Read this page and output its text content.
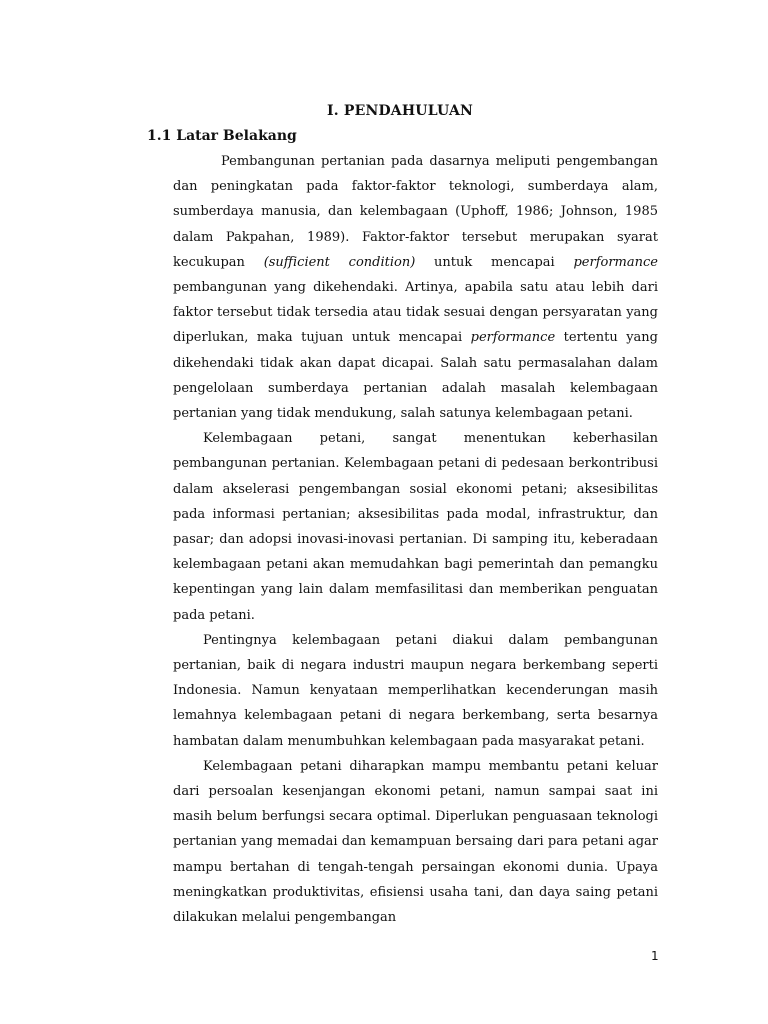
I. PENDAHULUAN
1.1 Latar Belakang

Pembangunan pertanian pada dasarnya meliputi pengembangan dan peningkatan pada faktor-faktor teknologi, sumberdaya alam, sumberdaya manusia, dan kelembagaan (Uphoff, 1986; Johnson, 1985 dalam Pakpahan, 1989). Faktor-faktor tersebut merupakan syarat kecukupan (sufficient condition) untuk mencapai performance pembangunan yang dikehendaki. Artinya, apabila satu atau lebih dari faktor tersebut tidak tersedia atau tidak sesuai dengan persyaratan yang diperlukan, maka tujuan untuk mencapai performance tertentu yang dikehendaki tidak akan dapat dicapai. Salah satu permasalahan dalam pengelolaan sumberdaya pertanian adalah masalah kelembagaan pertanian yang tidak mendukung, salah satunya kelembagaan petani.

Kelembagaan petani, sangat menentukan keberhasilan pembangunan pertanian. Kelembagaan petani di pedesaan berkontribusi dalam akselerasi pengembangan sosial ekonomi petani; aksesibilitas pada informasi pertanian; aksesibilitas pada modal, infrastruktur, dan pasar; dan adopsi inovasi-inovasi pertanian. Di samping itu, keberadaan kelembagaan petani akan memudahkan bagi pemerintah dan pemangku kepentingan yang lain dalam memfasilitasi dan memberikan penguatan pada petani.

Pentingnya kelembagaan petani diakui dalam pembangunan pertanian, baik di negara industri maupun negara berkembang seperti Indonesia. Namun kenyataan memperlihatkan kecenderungan masih lemahnya kelembagaan petani di negara berkembang, serta besarnya hambatan dalam menumbuhkan kelembagaan pada masyarakat petani.

Kelembagaan petani diharapkan mampu membantu petani keluar dari persoalan kesenjangan ekonomi petani, namun sampai saat ini masih belum berfungsi secara optimal. Diperlukan penguasaan teknologi pertanian yang memadai dan kemampuan bersaing dari para petani agar mampu bertahan di tengah-tengah persaingan ekonomi dunia. Upaya meningkatkan produktivitas, efisiensi usaha tani, dan daya saing petani dilakukan melalui pengembangan

1
